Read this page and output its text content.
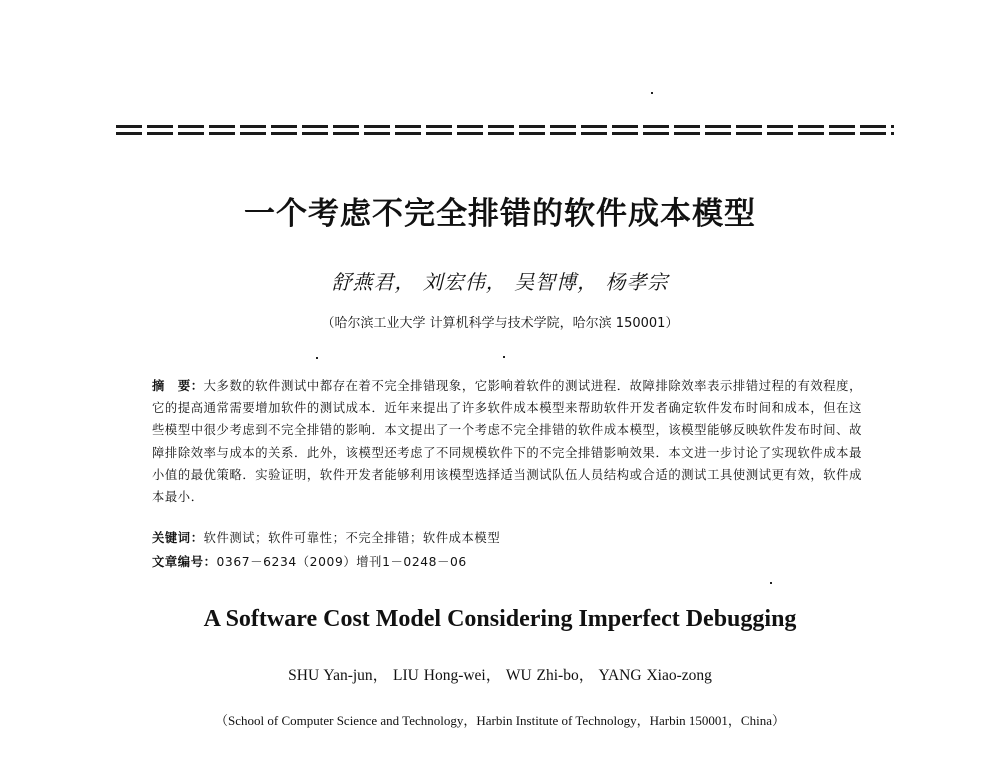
一个考虑不完全排错的软件成本模型
舒燕君， 刘宏伟， 吴智博， 杨孝宗
（哈尔滨工业大学 计算机科学与技术学院，哈尔滨 150001）

摘　要：大多数的软件测试中都存在着不完全排错现象，它影响着软件的测试进程．故障排除效率表示排错过程的有效程度，它的提高通常需要增加软件的测试成本．近年来提出了许多软件成本模型来帮助软件开发者确定软件发布时间和成本，但在这些模型中很少考虑到不完全排错的影响．本文提出了一个考虑不完全排错的软件成本模型，该模型能够反映软件发布时间、故障排除效率与成本的关系．此外，该模型还考虑了不同规模软件下的不完全排错影响效果．本文进一步讨论了实现软件成本最小值的最优策略．实验证明，软件开发者能够利用该模型选择适当测试队伍人员结构或合适的测试工具使测试更有效，软件成本最小．

关键词：软件测试；软件可靠性；不完全排错；软件成本模型

文章编号：0367－6234（2009）增刊1－0248－06

A Software Cost Model Considering Imperfect Debugging
SHU Yan-jun， LIU Hong-wei， WU Zhi-bo， YANG Xiao-zong
（School of Computer Science and Technology，Harbin Institute of Technology，Harbin 150001，China）
